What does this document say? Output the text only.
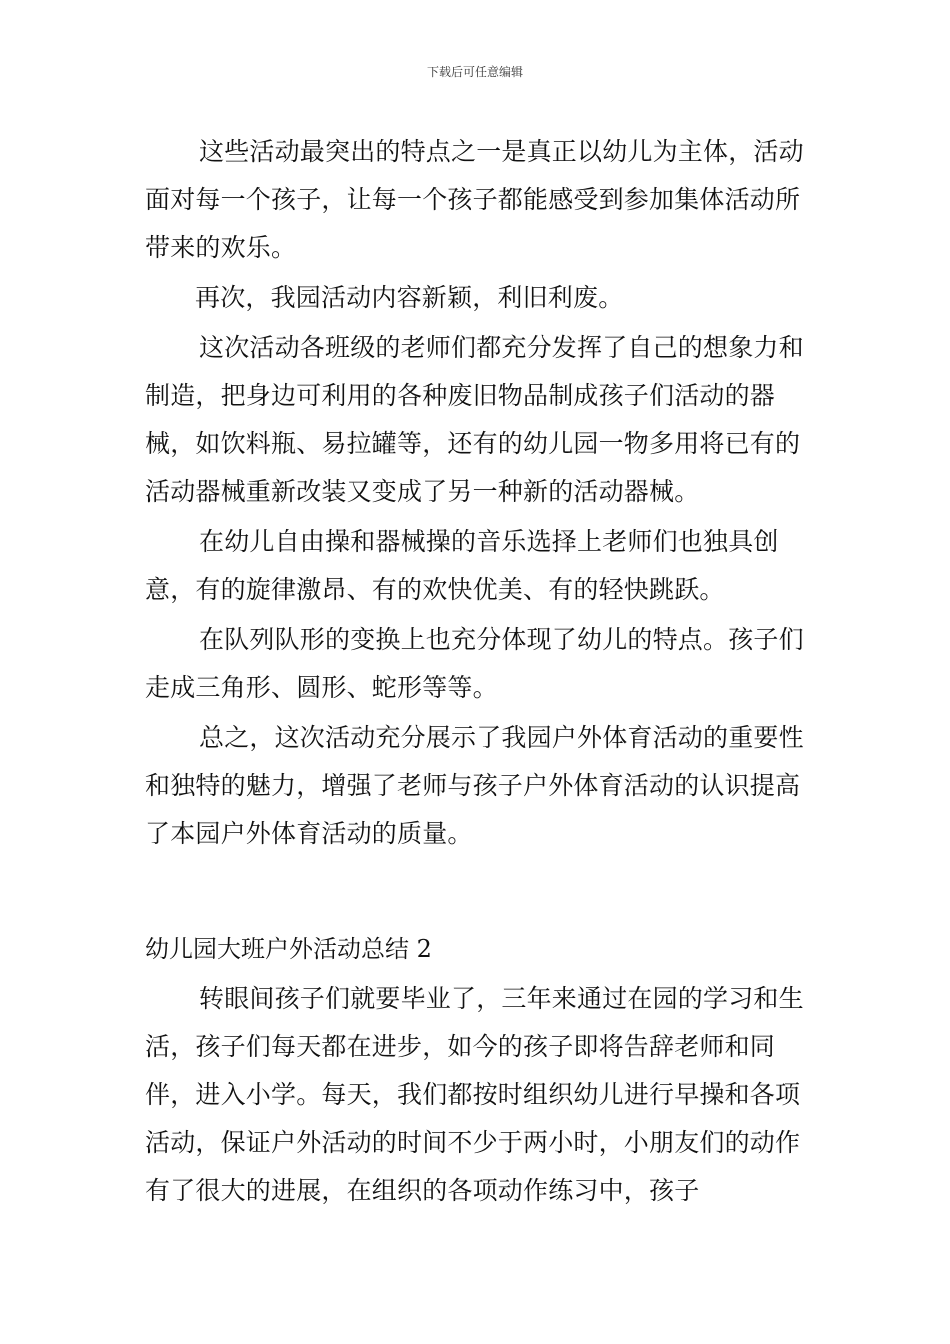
下载后可任意编辑

这些活动最突出的特点之一是真正以幼儿为主体，活动面对每一个孩子，让每一个孩子都能感受到参加集体活动所带来的欢乐。

再次，我园活动内容新颖，利旧利废。

这次活动各班级的老师们都充分发挥了自己的想象力和制造，把身边可利用的各种废旧物品制成孩子们活动的器械，如饮料瓶、易拉罐等，还有的幼儿园一物多用将已有的活动器械重新改装又变成了另一种新的活动器械。

在幼儿自由操和器械操的音乐选择上老师们也独具创意，有的旋律激昂、有的欢快优美、有的轻快跳跃。

在队列队形的变换上也充分体现了幼儿的特点。孩子们走成三角形、圆形、蛇形等等。

总之，这次活动充分展示了我园户外体育活动的重要性和独特的魅力，增强了老师与孩子户外体育活动的认识提高了本园户外体育活动的质量。

幼儿园大班户外活动总结 2

转眼间孩子们就要毕业了，三年来通过在园的学习和生活，孩子们每天都在进步，如今的孩子即将告辞老师和同伴，进入小学。每天，我们都按时组织幼儿进行早操和各项活动，保证户外活动的时间不少于两小时，小朋友们的动作有了很大的进展，在组织的各项动作练习中，孩子
